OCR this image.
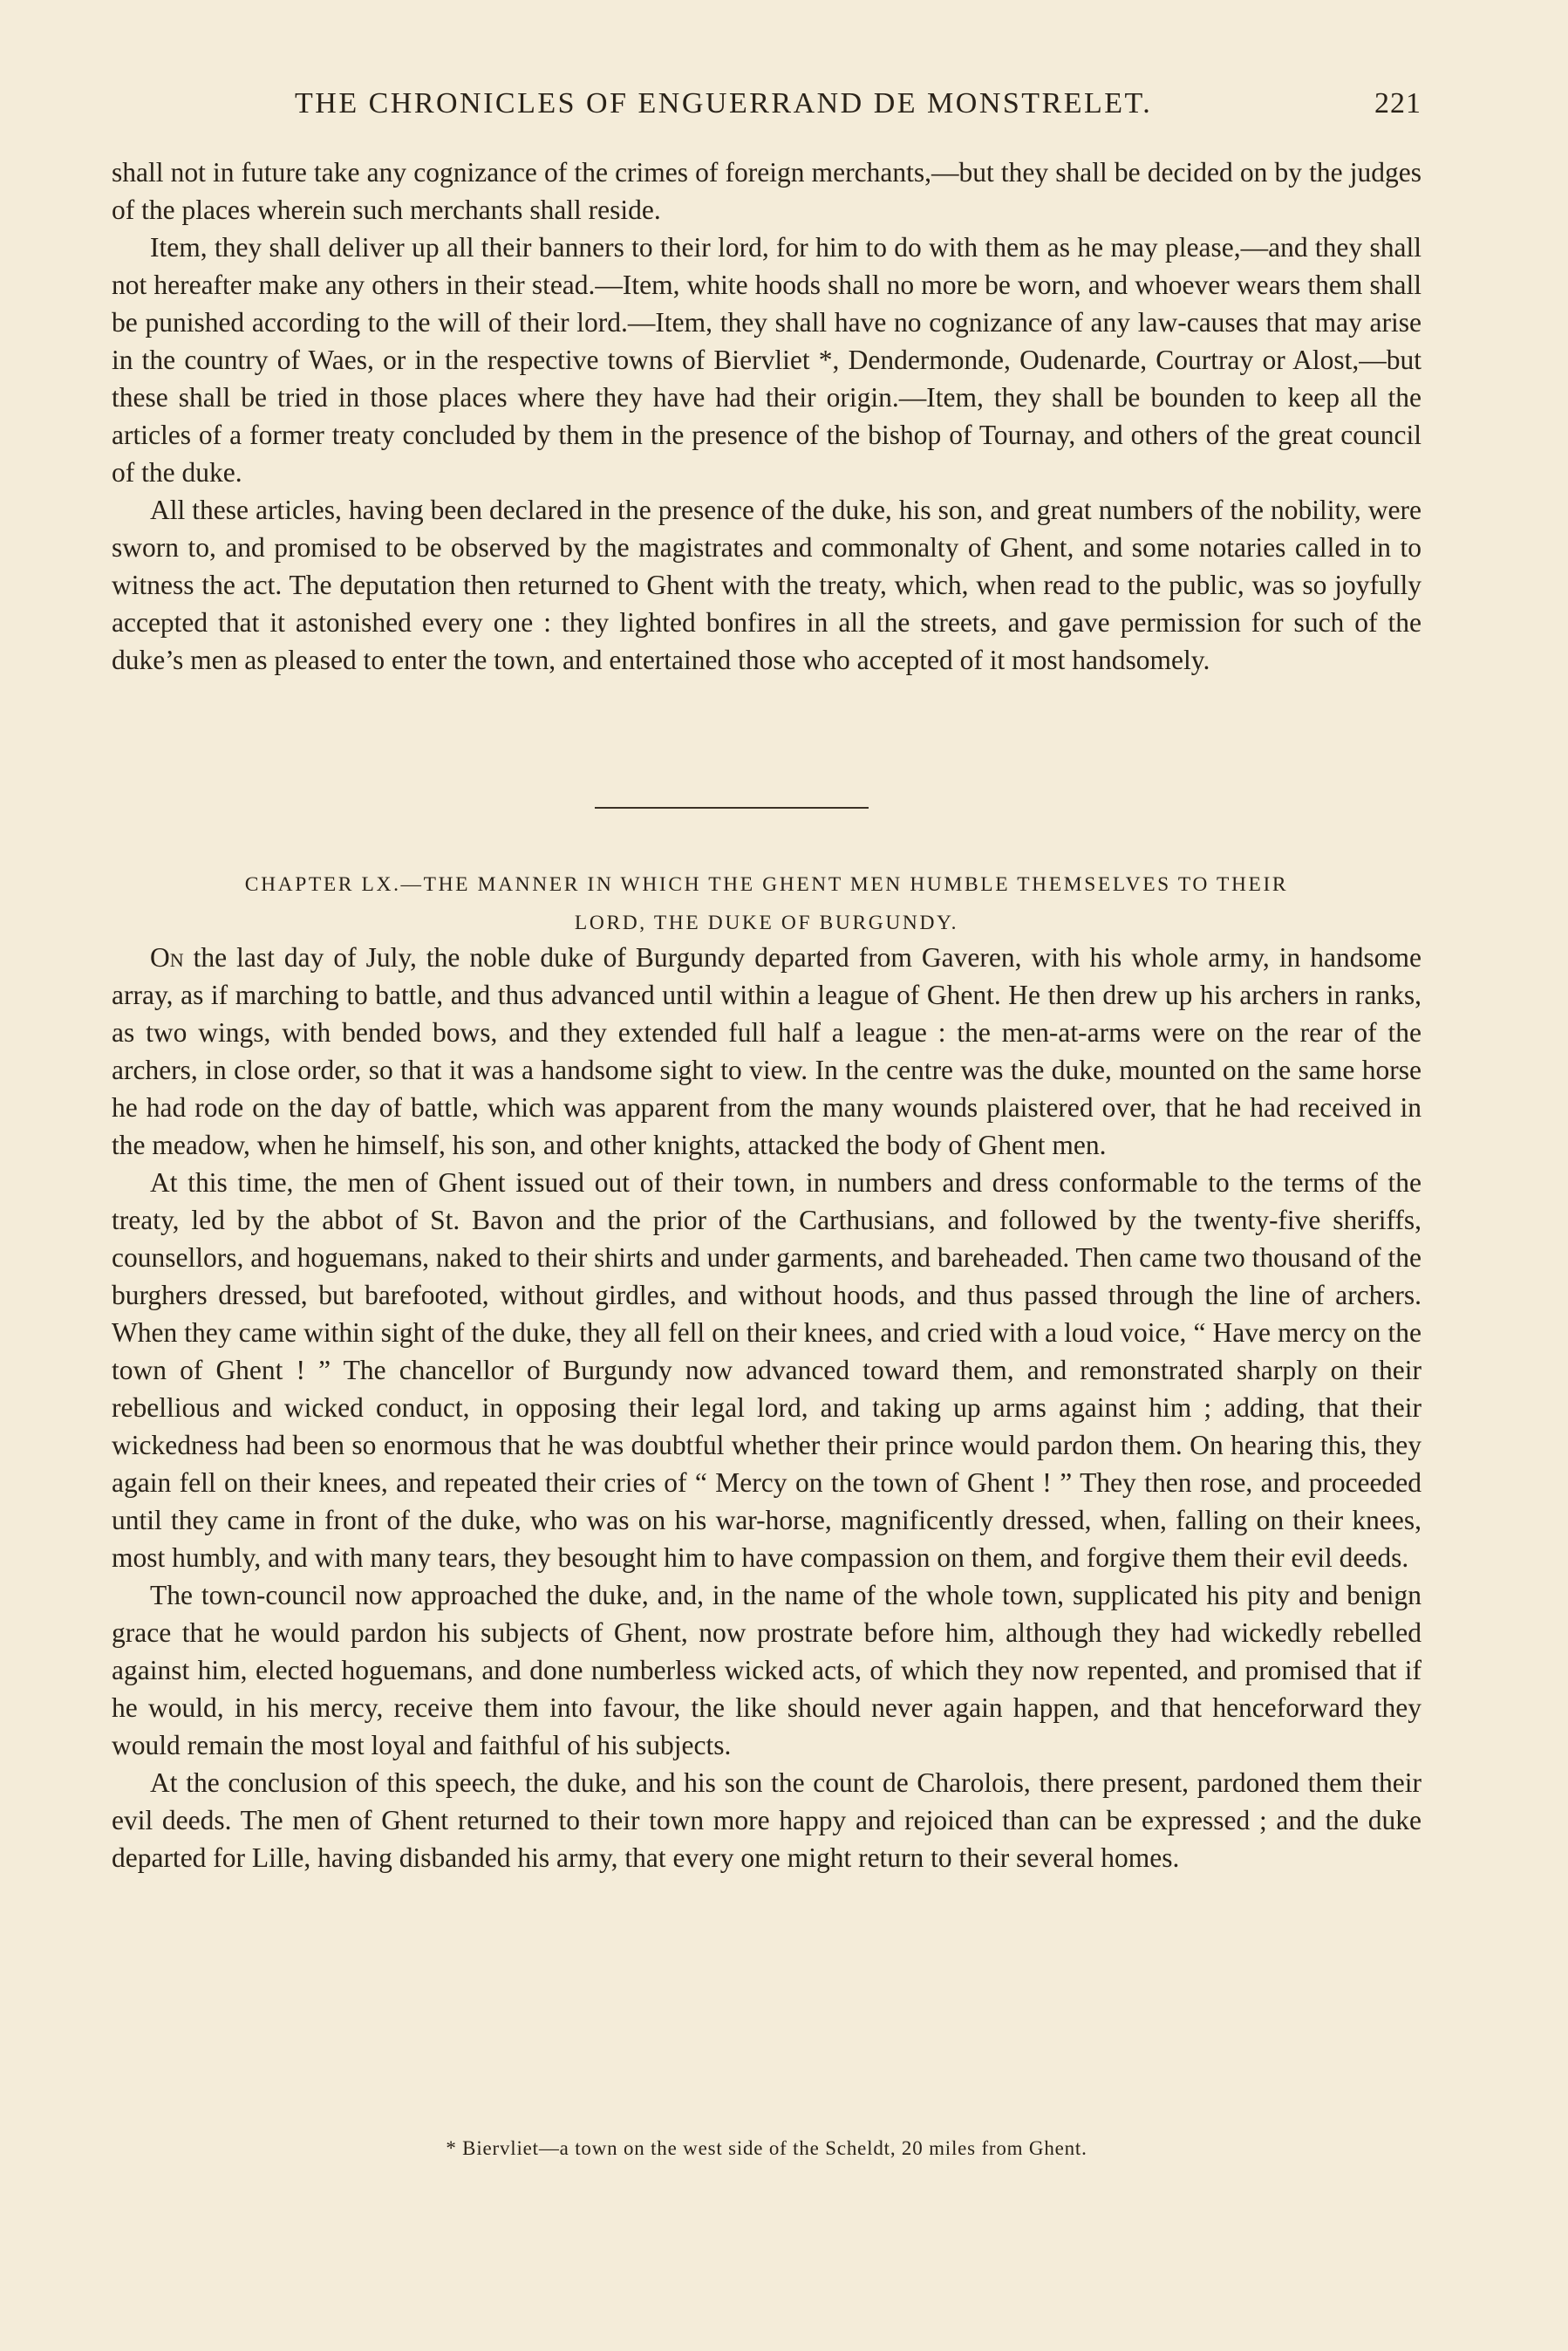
THE CHRONICLES OF ENGUERRAND DE MONSTRELET.	221

shall not in future take any cognizance of the crimes of foreign merchants,—but they shall be decided on by the judges of the places wherein such merchants shall reside.

Item, they shall deliver up all their banners to their lord, for him to do with them as he may please,—and they shall not hereafter make any others in their stead.—Item, white hoods shall no more be worn, and whoever wears them shall be punished according to the will of their lord.—Item, they shall have no cognizance of any law-causes that may arise in the country of Waes, or in the respective towns of Biervliet *, Dendermonde, Oudenarde, Courtray or Alost,—but these shall be tried in those places where they have had their origin.—Item, they shall be bounden to keep all the articles of a former treaty concluded by them in the presence of the bishop of Tournay, and others of the great council of the duke.

All these articles, having been declared in the presence of the duke, his son, and great numbers of the nobility, were sworn to, and promised to be observed by the magistrates and commonalty of Ghent, and some notaries called in to witness the act. The deputation then returned to Ghent with the treaty, which, when read to the public, was so joyfully accepted that it astonished every one : they lighted bonfires in all the streets, and gave permission for such of the duke’s men as pleased to enter the town, and entertained those who accepted of it most handsomely.

CHAPTER LX.—THE MANNER IN WHICH THE GHENT MEN HUMBLE THEMSELVES TO THEIR
LORD, THE DUKE OF BURGUNDY.

On the last day of July, the noble duke of Burgundy departed from Gaveren, with his whole army, in handsome array, as if marching to battle, and thus advanced until within a league of Ghent. He then drew up his archers in ranks, as two wings, with bended bows, and they extended full half a league : the men-at-arms were on the rear of the archers, in close order, so that it was a handsome sight to view. In the centre was the duke, mounted on the same horse he had rode on the day of battle, which was apparent from the many wounds plaistered over, that he had received in the meadow, when he himself, his son, and other knights, attacked the body of Ghent men.

At this time, the men of Ghent issued out of their town, in numbers and dress conformable to the terms of the treaty, led by the abbot of St. Bavon and the prior of the Carthusians, and followed by the twenty-five sheriffs, counsellors, and hoguemans, naked to their shirts and under garments, and bareheaded. Then came two thousand of the burghers dressed, but barefooted, without girdles, and without hoods, and thus passed through the line of archers. When they came within sight of the duke, they all fell on their knees, and cried with a loud voice, “ Have mercy on the town of Ghent ! ” The chancellor of Burgundy now advanced toward them, and remonstrated sharply on their rebellious and wicked conduct, in opposing their legal lord, and taking up arms against him ; adding, that their wickedness had been so enormous that he was doubtful whether their prince would pardon them. On hearing this, they again fell on their knees, and repeated their cries of “ Mercy on the town of Ghent ! ” They then rose, and proceeded until they came in front of the duke, who was on his war-horse, magnificently dressed, when, falling on their knees, most humbly, and with many tears, they besought him to have compassion on them, and forgive them their evil deeds.

The town-council now approached the duke, and, in the name of the whole town, supplicated his pity and benign grace that he would pardon his subjects of Ghent, now prostrate before him, although they had wickedly rebelled against him, elected hoguemans, and done numberless wicked acts, of which they now repented, and promised that if he would, in his mercy, receive them into favour, the like should never again happen, and that henceforward they would remain the most loyal and faithful of his subjects.

At the conclusion of this speech, the duke, and his son the count de Charolois, there present, pardoned them their evil deeds. The men of Ghent returned to their town more happy and rejoiced than can be expressed ; and the duke departed for Lille, having disbanded his army, that every one might return to their several homes.

* Biervliet—a town on the west side of the Scheldt, 20 miles from Ghent.
